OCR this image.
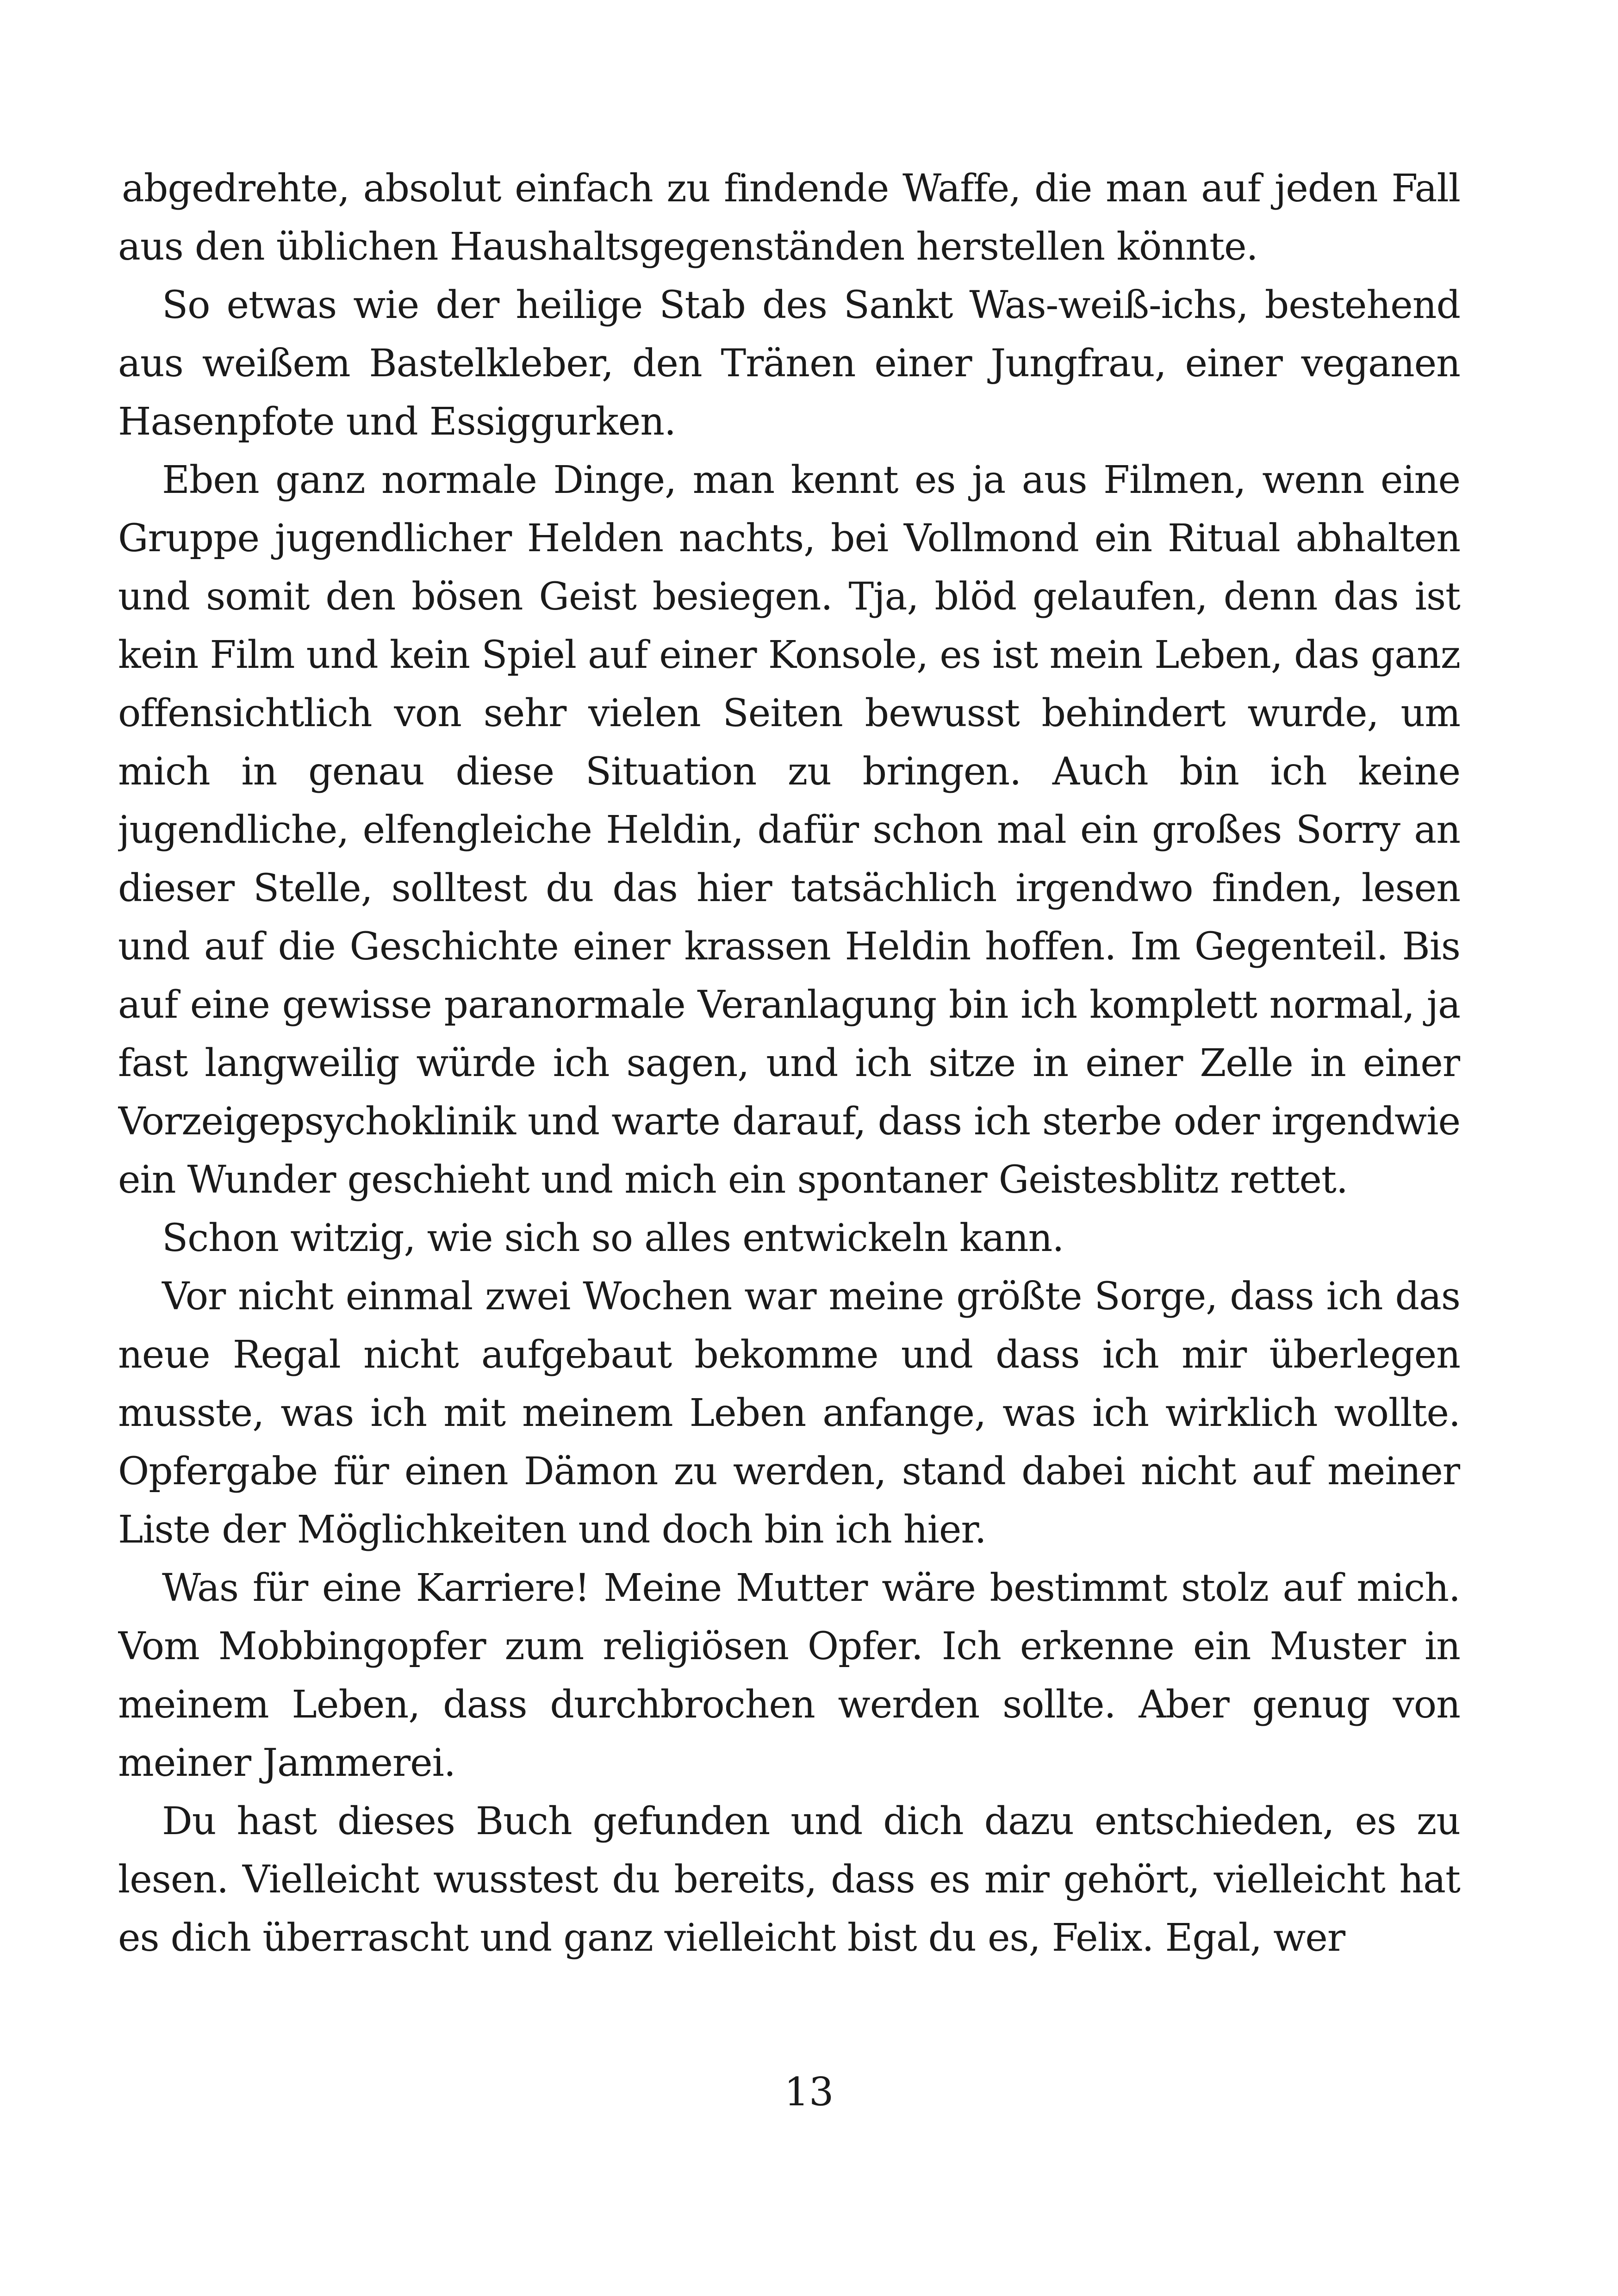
abgedrehte, absolut einfach zu findende Waffe, die man auf jeden Fall aus den üblichen Haushaltsgegenständen herstellen könnte.

So etwas wie der heilige Stab des Sankt Was-weiß-ichs, bestehend aus weißem Bastelkleber, den Tränen einer Jungfrau, einer veganen Hasenpfote und Essiggurken.

Eben ganz normale Dinge, man kennt es ja aus Filmen, wenn eine Gruppe jugendlicher Helden nachts, bei Vollmond ein Ritual abhalten und somit den bösen Geist besiegen. Tja, blöd gelaufen, denn das ist kein Film und kein Spiel auf einer Konsole, es ist mein Leben, das ganz offensichtlich von sehr vielen Seiten bewusst behindert wurde, um mich in genau diese Situation zu bringen. Auch bin ich keine jugendliche, elfengleiche Heldin, dafür schon mal ein großes Sorry an dieser Stelle, solltest du das hier tatsächlich irgendwo finden, lesen und auf die Geschichte einer krassen Heldin hoffen. Im Gegenteil. Bis auf eine gewisse paranormale Veranlagung bin ich komplett normal, ja fast langweilig würde ich sagen, und ich sitze in einer Zelle in einer Vorzeigepsychoklinik und warte darauf, dass ich sterbe oder irgendwie ein Wunder geschieht und mich ein spontaner Geistesblitz rettet.

Schon witzig, wie sich so alles entwickeln kann.

Vor nicht einmal zwei Wochen war meine größte Sorge, dass ich das neue Regal nicht aufgebaut bekomme und dass ich mir überlegen musste, was ich mit meinem Leben anfange, was ich wirklich wollte. Opfergabe für einen Dämon zu werden, stand dabei nicht auf meiner Liste der Möglichkeiten und doch bin ich hier.

Was für eine Karriere! Meine Mutter wäre bestimmt stolz auf mich. Vom Mobbingopfer zum religiösen Opfer. Ich erkenne ein Muster in meinem Leben, dass durchbrochen werden sollte. Aber genug von meiner Jammerei.

Du hast dieses Buch gefunden und dich dazu entschieden, es zu lesen. Vielleicht wusstest du bereits, dass es mir gehört, vielleicht hat es dich überrascht und ganz vielleicht bist du es, Felix. Egal, wer

13
